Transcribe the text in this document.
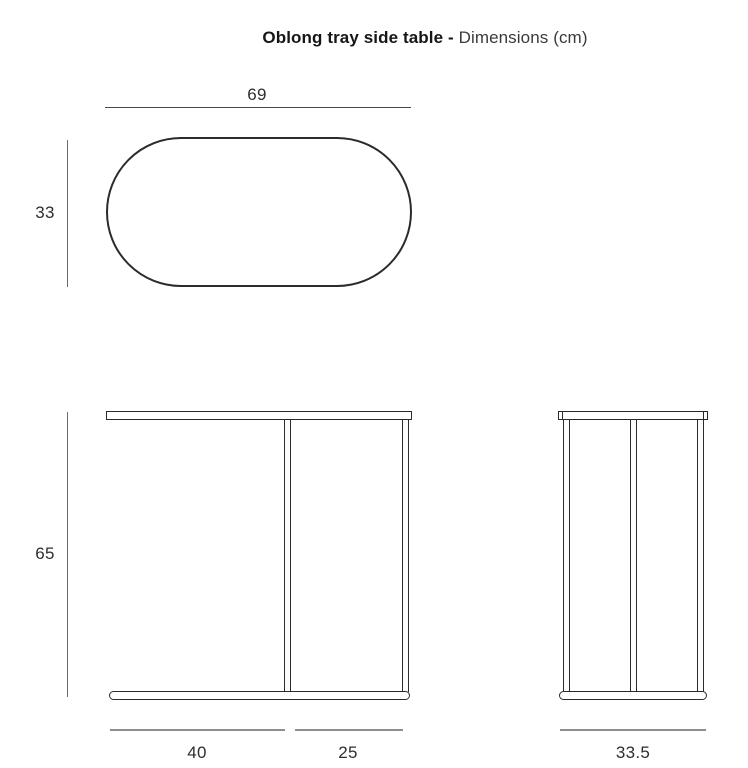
Oblong tray side table - Dimensions (cm)
69
33
65
40	25	33.5
